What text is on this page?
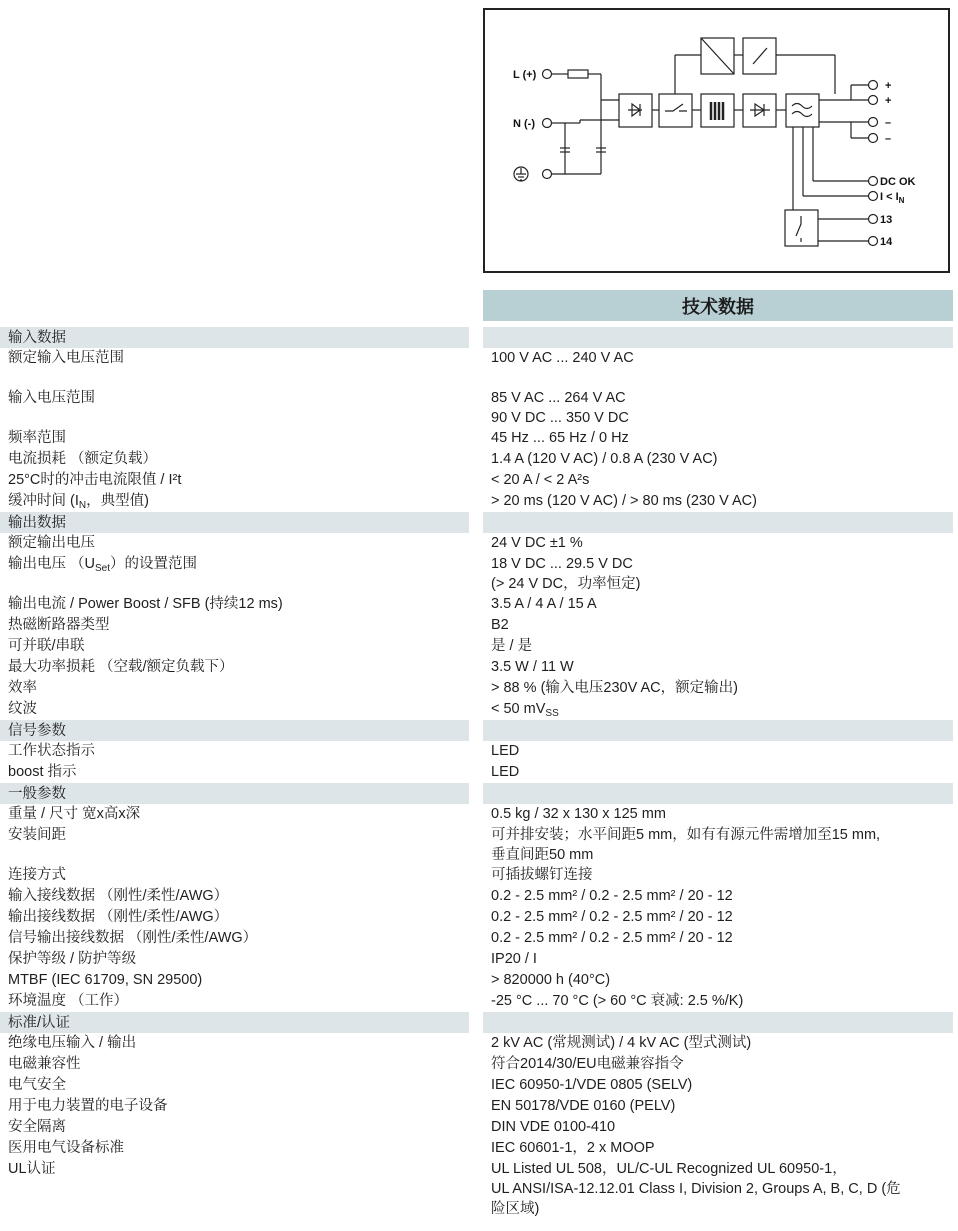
L (+)
N (-)
+
+
–
–
DC OK
$I < I_N$
13
14
技术数据
输入数据
额定输入电压范围	100 V AC ... 240 V AC
输入电压范围	85 V AC ... 264 V AC
90 V DC ... 350 V DC
频率范围	45 Hz ... 65 Hz / 0 Hz
电流损耗 （额定负载）	1.4 A (120 V AC) / 0.8 A (230 V AC)
25°C时的冲击电流限值 / I²t	< 20 A / < 2 A²s
缓冲时间 ($I_N$，典型值)	> 20 ms (120 V AC) / > 80 ms (230 V AC)
输出数据
额定输出电压	24 V DC ±1 %
输出电压 $(U_{Set})$的设置范围	18 V DC ... 29.5 V DC
(> 24 V DC，功率恒定)
输出电流 / Power Boost / SFB (持续12 ms)	3.5 A / 4 A / 15 A
热磁断路器类型	B2
可并联/串联	是 / 是
最大功率损耗 （空载/额定负载下）	3.5 W / 11 W
效率	> 88 % (输入电压230V AC，额定输出)
纹波	< 50 $mV_{SS}$
信号参数
工作状态指示	LED
boost 指示	LED
一般参数
重量 / 尺寸 宽x高x深	0.5 kg / 32 x 130 x 125 mm
安装间距	可并排安装；水平间距5 mm，如有有源元件需增加至15 mm,
垂直间距50 mm
连接方式	可插拔螺钉连接
输入接线数据 （刚性/柔性/AWG）	0.2 - 2.5 mm² / 0.2 - 2.5 mm² / 20 - 12
输出接线数据 （刚性/柔性/AWG）	0.2 - 2.5 mm² / 0.2 - 2.5 mm² / 20 - 12
信号输出接线数据 （刚性/柔性/AWG）	0.2 - 2.5 mm² / 0.2 - 2.5 mm² / 20 - 12
保护等级 / 防护等级	IP20 / I
MTBF (IEC 61709, SN 29500)	> 820000 h (40°C)
环境温度 （工作）	-25 °C ... 70 °C (> 60 °C 衰减: 2.5 %/K)
标准/认证
绝缘电压输入 / 输出	2 kV AC (常规测试) / 4 kV AC (型式测试)
电磁兼容性	符合2014/30/EU电磁兼容指令
电气安全	IEC 60950-1/VDE 0805 (SELV)
用于电力装置的电子设备	EN 50178/VDE 0160 (PELV)
安全隔离	DIN VDE 0100-410
医用电气设备标准	IEC 60601-1，2 x MOOP
UL认证	UL Listed UL 508，UL/C-UL Recognized UL 60950-1，
UL ANSI/ISA-12.12.01 Class I, Division 2, Groups A, B, C, D (危
险区域)
